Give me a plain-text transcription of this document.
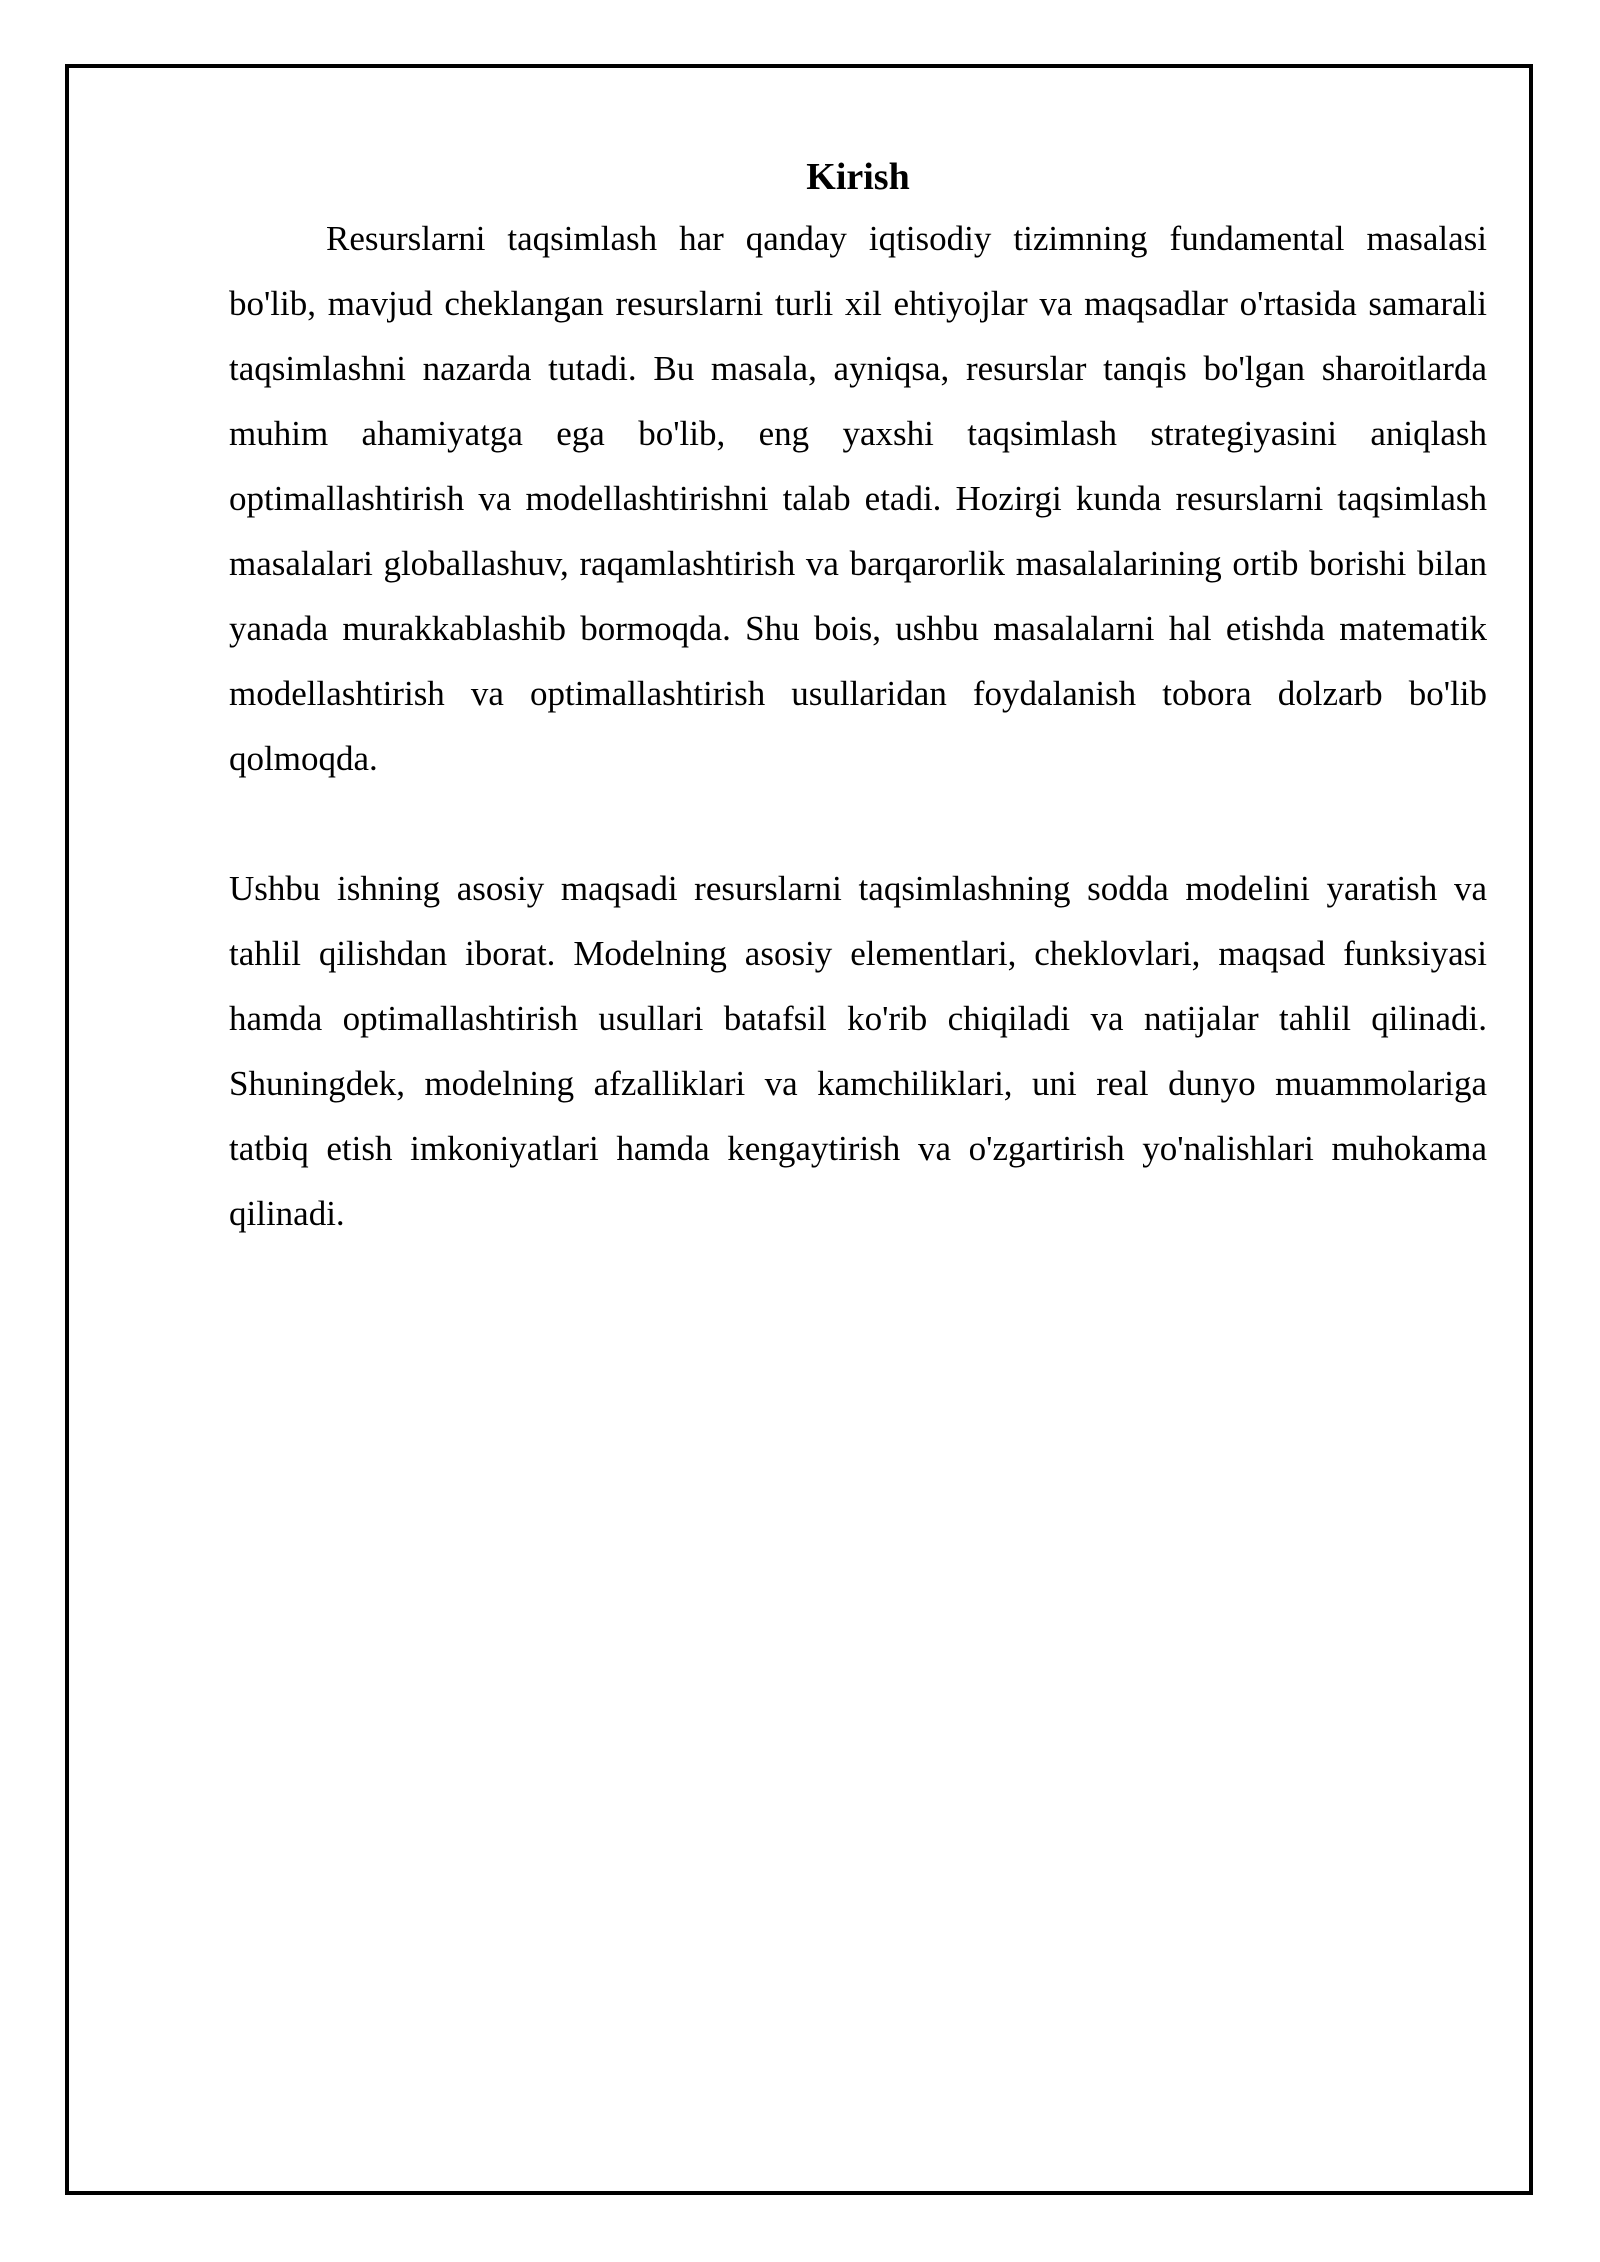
Kirish

Resurslarni taqsimlash har qanday iqtisodiy tizimning fundamental masalasi bo'lib, mavjud cheklangan resurslarni turli xil ehtiyojlar va maqsadlar o'rtasida samarali taqsimlashni nazarda tutadi. Bu masala, ayniqsa, resurslar tanqis bo'lgan sharoitlarda muhim ahamiyatga ega bo'lib, eng yaxshi taqsimlash strategiyasini aniqlash optimallashtirish va modellashtirishni talab etadi. Hozirgi kunda resurslarni taqsimlash masalalari globallashuv, raqamlashtirish va barqarorlik masalalarining ortib borishi bilan yanada murakkablashib bormoqda. Shu bois, ushbu masalalarni hal etishda matematik modellashtirish va optimallashtirish usullaridan foydalanish tobora dolzarb bo'lib qolmoqda.

Ushbu ishning asosiy maqsadi resurslarni taqsimlashning sodda modelini yaratish va tahlil qilishdan iborat. Modelning asosiy elementlari, cheklovlari, maqsad funksiyasi hamda optimallashtirish usullari batafsil ko'rib chiqiladi va natijalar tahlil qilinadi. Shuningdek, modelning afzalliklari va kamchiliklari, uni real dunyo muammolariga tatbiq etish imkoniyatlari hamda kengaytirish va o'zgartirish yo'nalishlari muhokama qilinadi.
